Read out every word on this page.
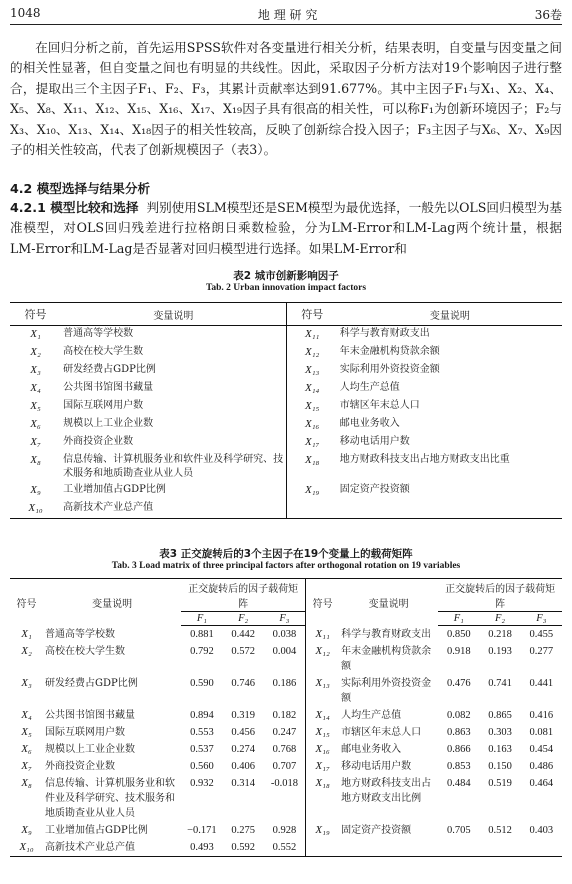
1048	地 理 研 究	36卷

在回归分析之前，首先运用SPSS软件对各变量进行相关分析，结果表明，自变量与因变量之间的相关性显著，但自变量之间也有明显的共线性。因此，采取因子分析方法对19个影响因子进行整合，提取出三个主因子F₁、F₂、F₃，其累计贡献率达到91.677%。其中主因子F₁与X₁、X₂、X₄、X₅、X₈、X₁₁、X₁₂、X₁₅、X₁₆、X₁₇、X₁₉因子具有很高的相关性，可以称F₁为创新环境因子；F₂与X₃、X₁₀、X₁₃、X₁₄、X₁₈因子的相关性较高，反映了创新综合投入因子；F₃主因子与X₆、X₇、X₉因子的相关性较高，代表了创新规模因子（表3）。

4.2 模型选择与结果分析

4.2.1 模型比较和选择 判别使用SLM模型还是SEM模型为最优选择，一般先以OLS回归模型为基准模型，对OLS回归残差进行拉格朗日乘数检验，分为LM-Error和LM-Lag两个统计量，根据LM-Error和LM-Lag是否显著对回归模型进行选择。如果LM-Error和

表2 城市创新影响因子
Tab. 2 Urban innovation impact factors
符号	变量说明	符号	变量说明
X₁	普通高等学校数	X₁₁	科学与教育财政支出
X₂	高校在校大学生数	X₁₂	年末金融机构贷款余额
X₃	研发经费占GDP比例	X₁₃	实际利用外资投资金额
X₄	公共图书馆图书藏量	X₁₄	人均生产总值
X₅	国际互联网用户数	X₁₅	市辖区年末总人口
X₆	规模以上工业企业数	X₁₆	邮电业务收入
X₇	外商投资企业数	X₁₇	移动电话用户数
X₈	信息传输、计算机服务业和软件业及科学研究、技术服务和地质勘查业从业人员	X₁₈	地方财政科技支出占地方财政支出比重
X₉	工业增加值占GDP比例	X₁₉	固定资产投资额
X₁₀	高新技术产业总产值		
表3 正交旋转后的3个主因子在19个变量上的载荷矩阵
Tab. 3 Load matrix of three principal factors after orthogonal rotation on 19 variables
符号	变量说明	正交旋转后的因子载荷矩阵			符号	变量说明	正交旋转后的因子载荷矩阵		
		F₁	F₂	F₃			F₁	F₂	F₃
X₁	普通高等学校数	0.881	0.442	0.038	X₁₁	科学与教育财政支出	0.850	0.218	0.455
X₂	高校在校大学生数	0.792	0.572	0.004	X₁₂	年末金融机构贷款余额	0.918	0.193	0.277
X₃	研发经费占GDP比例	0.590	0.746	0.186	X₁₃	实际利用外资投资金额	0.476	0.741	0.441
X₄	公共图书馆图书藏量	0.894	0.319	0.182	X₁₄	人均生产总值	0.082	0.865	0.416
X₅	国际互联网用户数	0.553	0.456	0.247	X₁₅	市辖区年末总人口	0.863	0.303	0.081
X₆	规模以上工业企业数	0.537	0.274	0.768	X₁₆	邮电业务收入	0.866	0.163	0.454
X₇	外商投资企业数	0.560	0.406	0.707	X₁₇	移动电话用户数	0.853	0.150	0.486
X₈	信息传输、计算机服务业和软件业及科学研究、技术服务和地质勘查业从业人员	0.932	0.314	-0.018	X₁₈	地方财政科技支出占地方财政支出比例	0.484	0.519	0.464
X₉	工业增加值占GDP比例	−0.171	0.275	0.928	X₁₉	固定资产投资额	0.705	0.512	0.403
X₁₀	高新技术产业总产值	0.493	0.592	0.552					
